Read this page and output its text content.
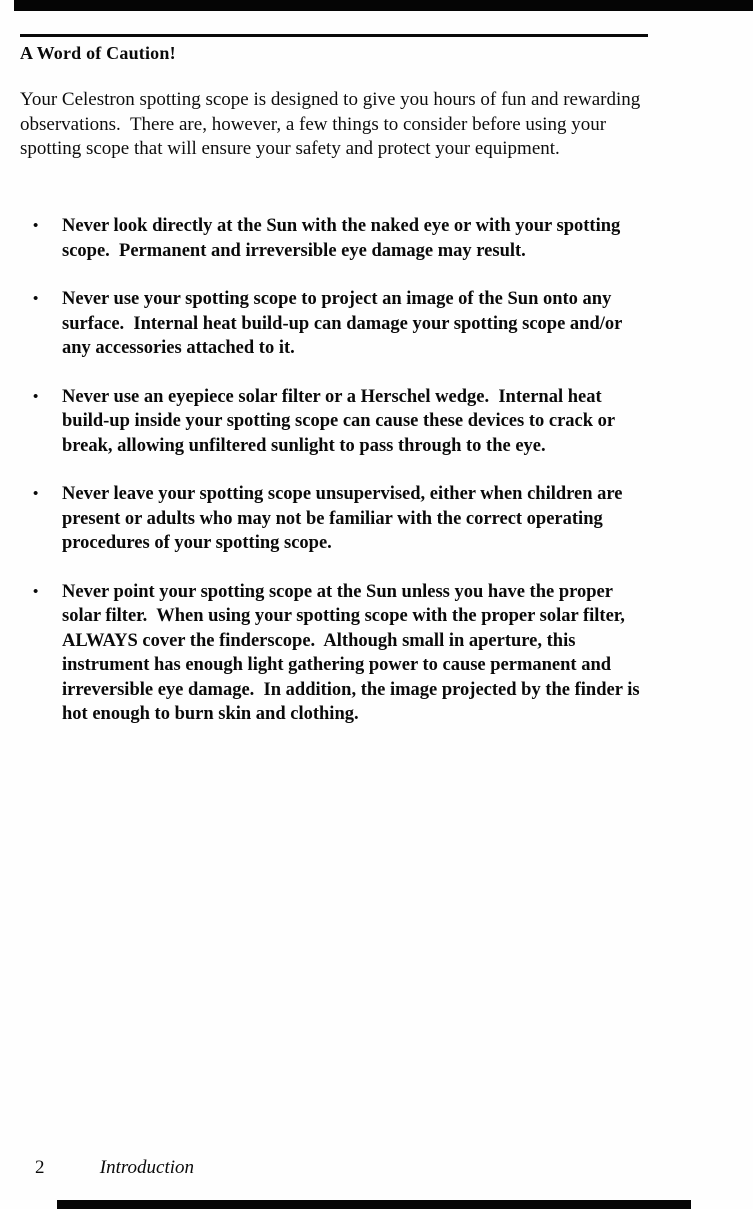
A Word of Caution!

Your Celestron spotting scope is designed to give you hours of fun and rewarding observations.  There are, however, a few things to consider before using your spotting scope that will ensure your safety and protect your equipment.

•	Never look directly at the Sun with the naked eye or with your spotting scope.  Permanent and irreversible eye damage may result.
•	Never use your spotting scope to project an image of the Sun onto any surface.  Internal heat build-up can damage your spotting scope and/or any accessories attached to it.
•	Never use an eyepiece solar filter or a Herschel wedge.  Internal heat build-up inside your spotting scope can cause these devices to crack or break, allowing unfiltered sunlight to pass through to the eye.
•	Never leave your spotting scope unsupervised, either when children are present or adults who may not be familiar with the correct operating procedures of your spotting scope.
•	Never point your spotting scope at the Sun unless you have the proper solar filter.  When using your spotting scope with the proper solar filter, ALWAYS cover the finderscope.  Although small in aperture, this instrument has enough light gathering power to cause permanent and irreversible eye damage.  In addition, the image projected by the finder is hot enough to burn skin and clothing.
2	Introduction
